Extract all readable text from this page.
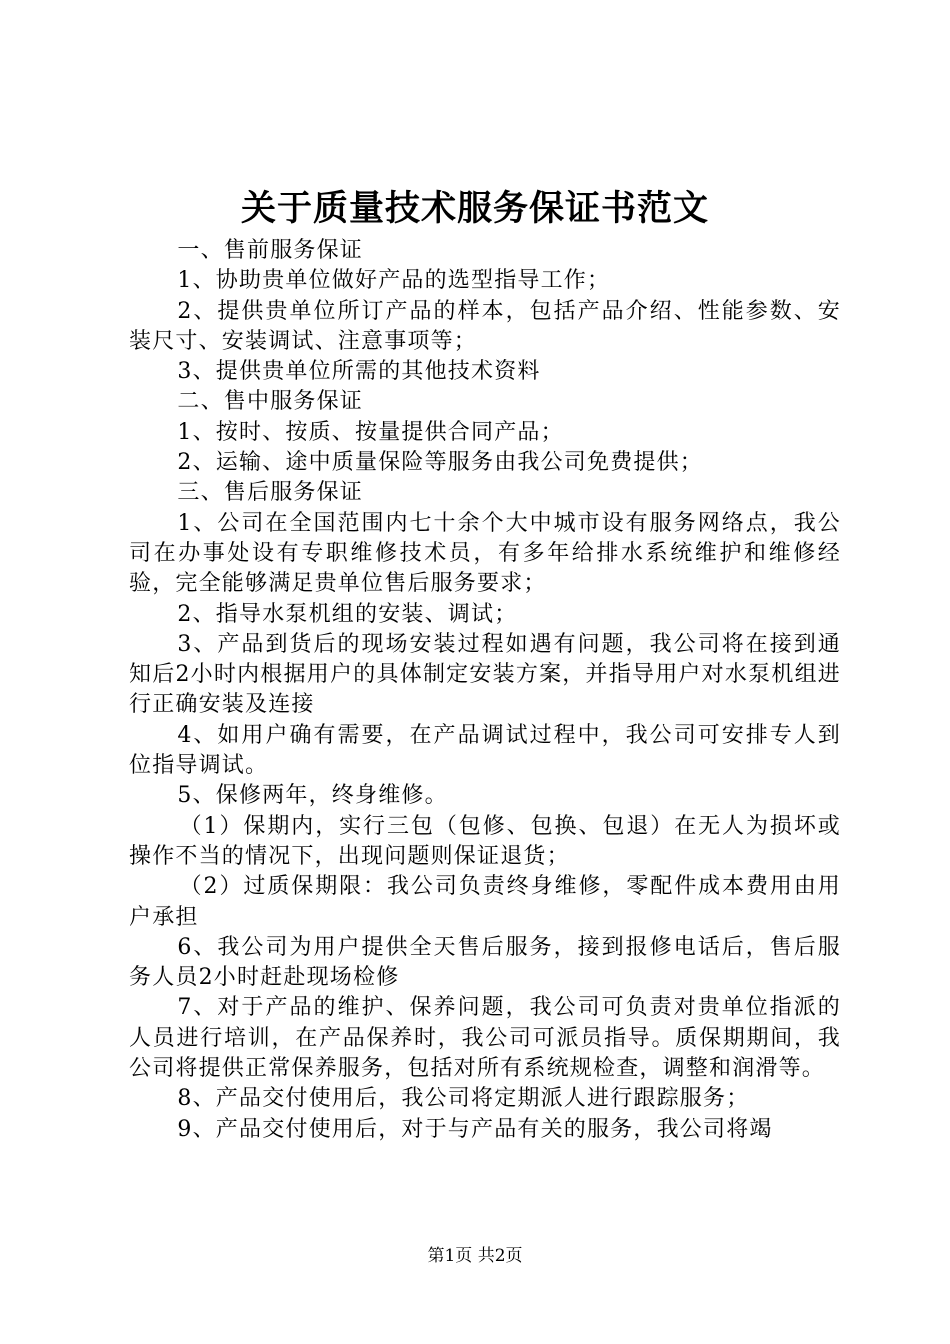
关于质量技术服务保证书范文

一、售前服务保证

1、协助贵单位做好产品的选型指导工作；

2、提供贵单位所订产品的样本，包括产品介绍、性能参数、安装尺寸、安装调试、注意事项等；

3、提供贵单位所需的其他技术资料

二、售中服务保证

1、按时、按质、按量提供合同产品；

2、运输、途中质量保险等服务由我公司免费提供；

三、售后服务保证

1、公司在全国范围内七十余个大中城市设有服务网络点，我公司在办事处设有专职维修技术员，有多年给排水系统维护和维修经验，完全能够满足贵单位售后服务要求；

2、指导水泵机组的安装、调试；

3、产品到货后的现场安装过程如遇有问题，我公司将在接到通知后2小时内根据用户的具体制定安装方案，并指导用户对水泵机组进行正确安装及连接

4、如用户确有需要，在产品调试过程中，我公司可安排专人到位指导调试。

5、保修两年，终身维修。

（1）保期内，实行三包（包修、包换、包退）在无人为损坏或操作不当的情况下，出现问题则保证退货；

（2）过质保期限：我公司负责终身维修，零配件成本费用由用户承担

6、我公司为用户提供全天售后服务，接到报修电话后，售后服务人员2小时赶赴现场检修

7、对于产品的维护、保养问题，我公司可负责对贵单位指派的人员进行培训，在产品保养时，我公司可派员指导。质保期期间，我公司将提供正常保养服务，包括对所有系统规检查，调整和润滑等。

8、产品交付使用后，我公司将定期派人进行跟踪服务；

9、产品交付使用后，对于与产品有关的服务，我公司将竭

第1页 共2页
